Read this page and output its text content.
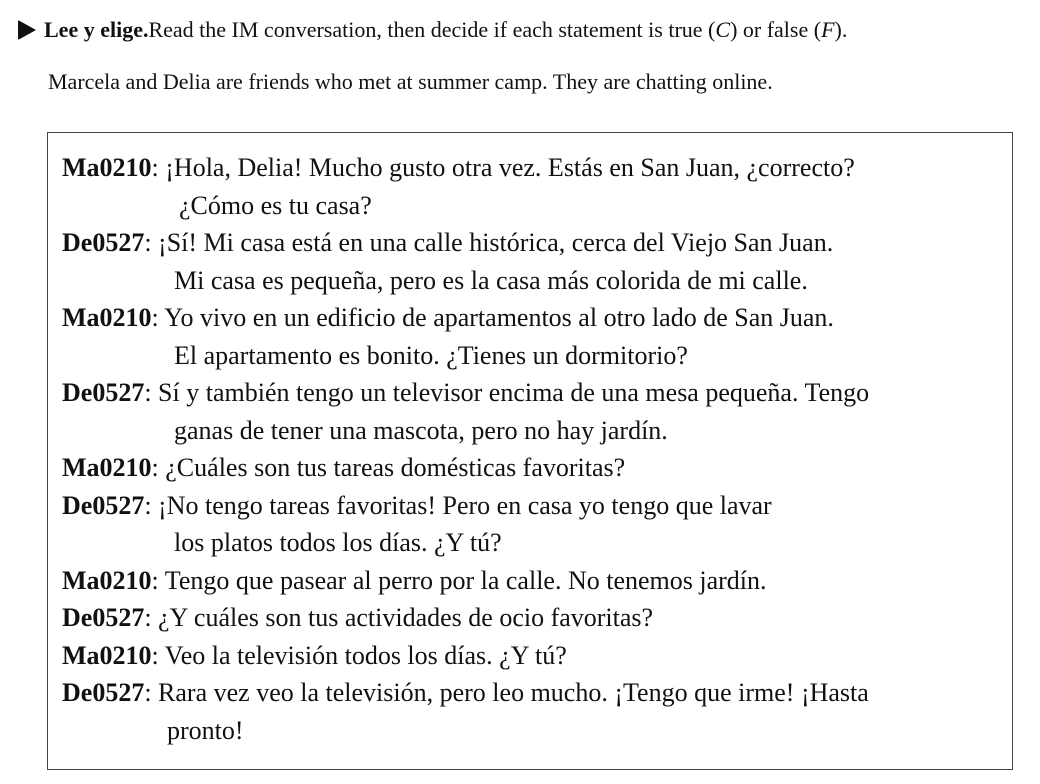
Lee y elige. Read the IM conversation, then decide if each statement is true ( C ) or false ( F ).
Marcela and Delia are friends who met at summer camp. They are chatting online.
Ma0210: ¡Hola, Delia! Mucho gusto otra vez. Estás en San Juan, ¿correcto?
¿Cómo es tu casa?
De0527: ¡Sí! Mi casa está en una calle histórica, cerca del Viejo San Juan.
Mi casa es pequeña, pero es la casa más colorida de mi calle.
Ma0210: Yo vivo en un edificio de apartamentos al otro lado de San Juan.
El apartamento es bonito. ¿Tienes un dormitorio?
De0527: Sí y también tengo un televisor encima de una mesa pequeña. Tengo
ganas de tener una mascota, pero no hay jardín.
Ma0210: ¿Cuáles son tus tareas domésticas favoritas?
De0527: ¡No tengo tareas favoritas! Pero en casa yo tengo que lavar
los platos todos los días. ¿Y tú?
Ma0210: Tengo que pasear al perro por la calle. No tenemos jardín.
De0527: ¿Y cuáles son tus actividades de ocio favoritas?
Ma0210: Veo la televisión todos los días. ¿Y tú?
De0527: Rara vez veo la televisión, pero leo mucho. ¡Tengo que irme! ¡Hasta
pronto!
